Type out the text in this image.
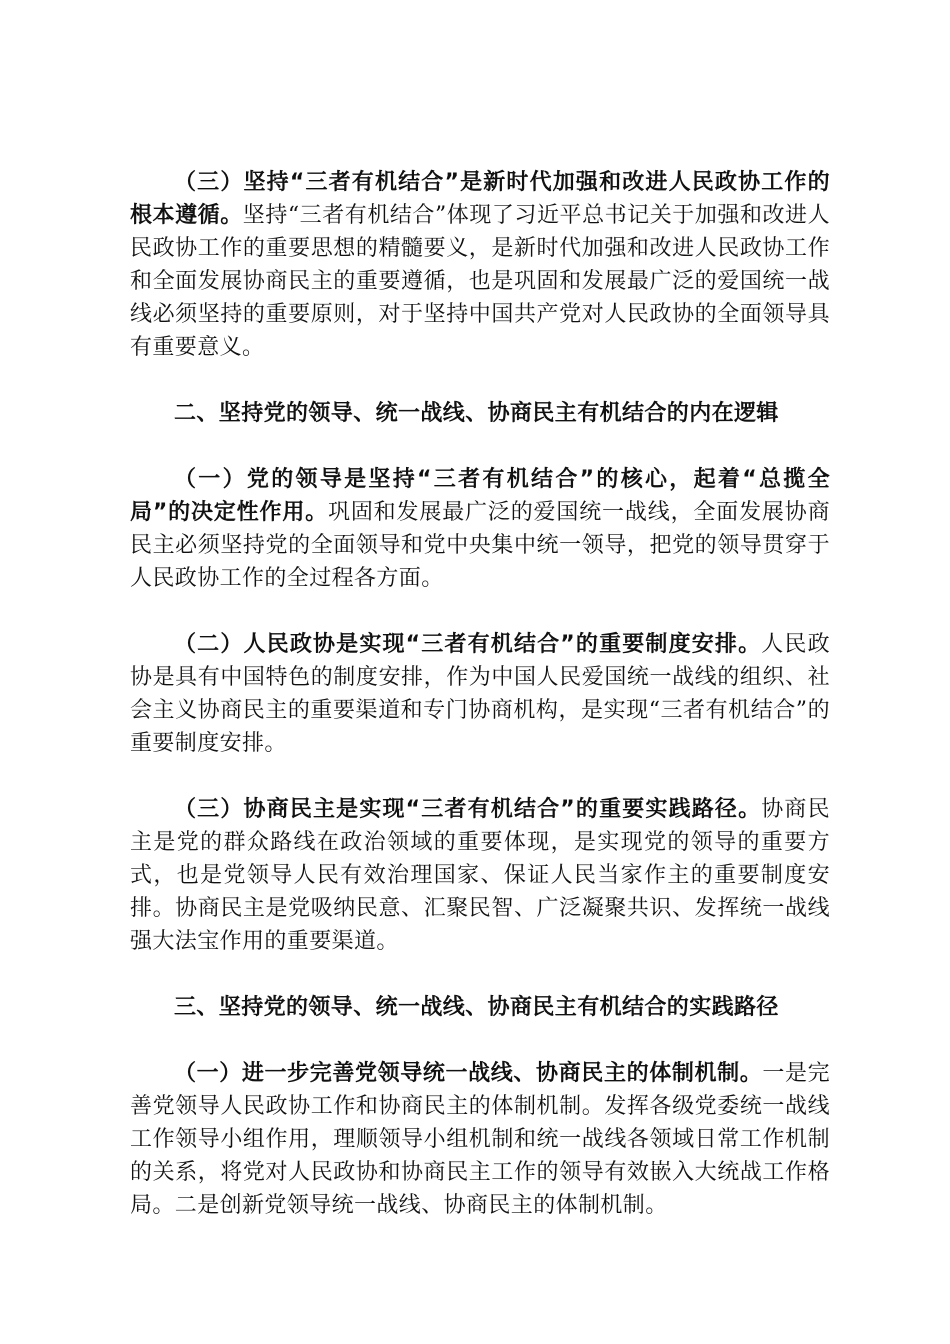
（三）坚持“三者有机结合”是新时代加强和改进人民政协工作的根本遵循。坚持“三者有机结合”体现了习近平总书记关于加强和改进人民政协工作的重要思想的精髓要义，是新时代加强和改进人民政协工作和全面发展协商民主的重要遵循，也是巩固和发展最广泛的爱国统一战线必须坚持的重要原则，对于坚持中国共产党对人民政协的全面领导具有重要意义。

二、坚持党的领导、统一战线、协商民主有机结合的内在逻辑

（一）党的领导是坚持“三者有机结合”的核心，起着“总揽全局”的决定性作用。巩固和发展最广泛的爱国统一战线，全面发展协商民主必须坚持党的全面领导和党中央集中统一领导，把党的领导贯穿于人民政协工作的全过程各方面。

（二）人民政协是实现“三者有机结合”的重要制度安排。人民政协是具有中国特色的制度安排，作为中国人民爱国统一战线的组织、社会主义协商民主的重要渠道和专门协商机构，是实现“三者有机结合”的重要制度安排。

（三）协商民主是实现“三者有机结合”的重要实践路径。协商民主是党的群众路线在政治领域的重要体现，是实现党的领导的重要方式，也是党领导人民有效治理国家、保证人民当家作主的重要制度安排。协商民主是党吸纳民意、汇聚民智、广泛凝聚共识、发挥统一战线强大法宝作用的重要渠道。

三、坚持党的领导、统一战线、协商民主有机结合的实践路径

（一）进一步完善党领导统一战线、协商民主的体制机制。一是完善党领导人民政协工作和协商民主的体制机制。发挥各级党委统一战线工作领导小组作用，理顺领导小组机制和统一战线各领域日常工作机制的关系，将党对人民政协和协商民主工作的领导有效嵌入大统战工作格局。二是创新党领导统一战线、协商民主的体制机制。
